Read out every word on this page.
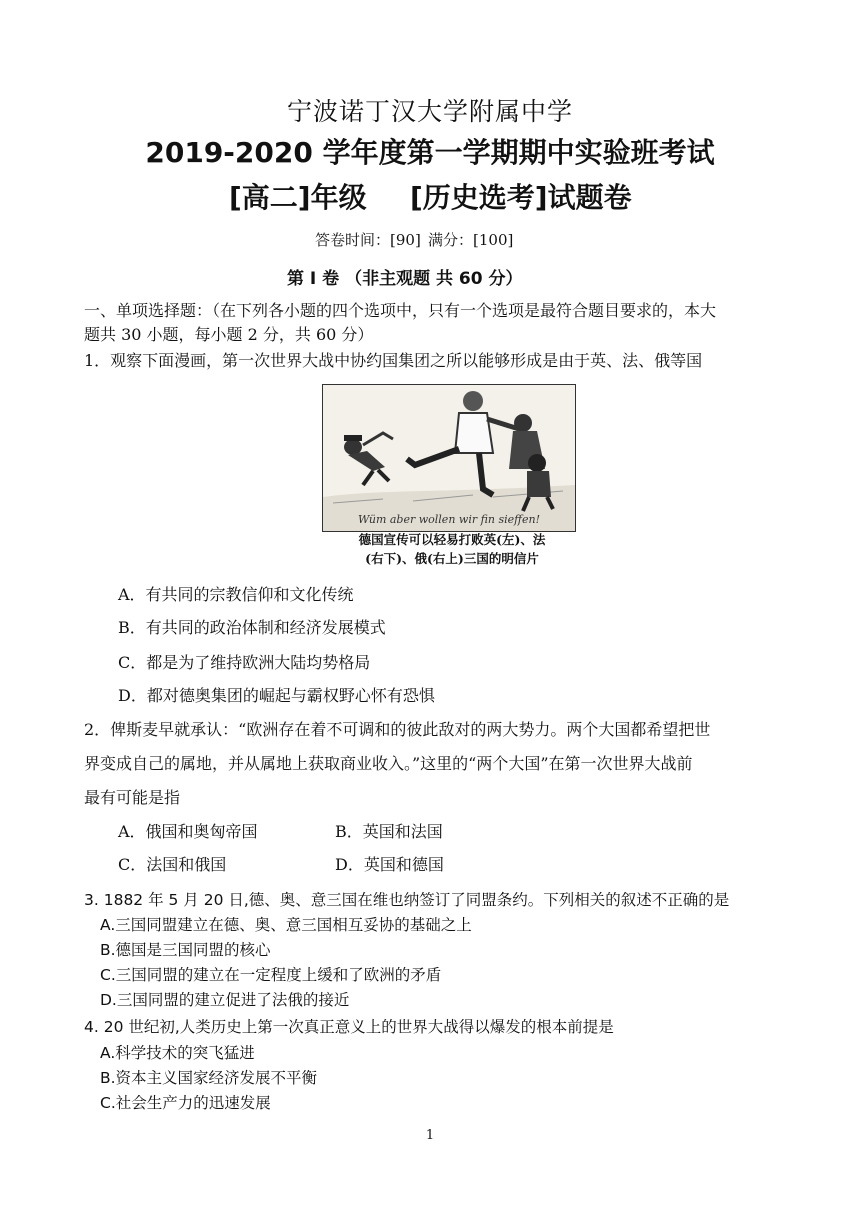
宁波诺丁汉大学附属中学
2019-2020 学年度第一学期期中实验班考试
[高二]年级 [历史选考]试题卷
答卷时间：[90] 满分：[100]
第 Ⅰ 卷 （非主观题 共 60 分）
一、单项选择题：（在下列各小题的四个选项中，只有一个选项是最符合题目要求的，本大
题共 30 小题，每小题 2 分，共 60 分）
1．观察下面漫画，第一次世界大战中协约国集团之所以能够形成是由于英、法、俄等国
Wüm aber wollen wir fin sieffen!
德国宣传可以轻易打败英(左)、法
(右下)、俄(右上)三国的明信片
A．有共同的宗教信仰和文化传统
B．有共同的政治体制和经济发展模式
C．都是为了维持欧洲大陆均势格局
D．都对德奥集团的崛起与霸权野心怀有恐惧
2．俾斯麦早就承认：“欧洲存在着不可调和的彼此敌对的两大势力。两个大国都希望把世
界变成自己的属地，并从属地上获取商业收入。”这里的“两个大国”在第一次世界大战前
最有可能是指
A．俄国和奥匈帝国	B．英国和法国
C．法国和俄国	D．英国和德国
3. 1882 年 5 月 20 日,德、奥、意三国在维也纳签订了同盟条约。下列相关的叙述不正确的是
A.三国同盟建立在德、奥、意三国相互妥协的基础之上
B.德国是三国同盟的核心
C.三国同盟的建立在一定程度上缓和了欧洲的矛盾
D.三国同盟的建立促进了法俄的接近
4. 20 世纪初,人类历史上第一次真正意义上的世界大战得以爆发的根本前提是
A.科学技术的突飞猛进
B.资本主义国家经济发展不平衡
C.社会生产力的迅速发展
1
